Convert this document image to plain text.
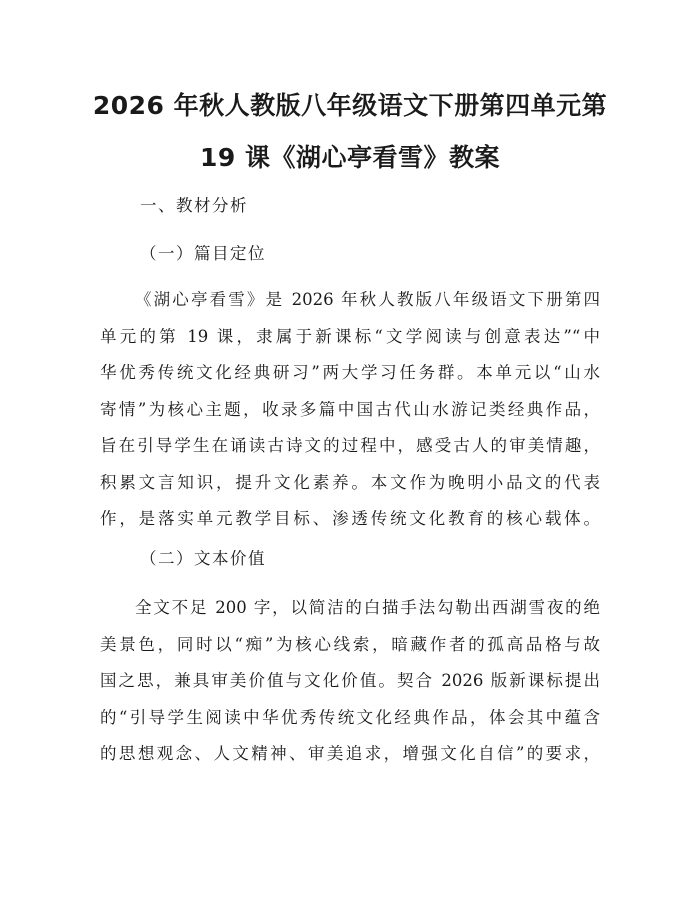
2026 年秋人教版八年级语文下册第四单元第
19 课《湖心亭看雪》教案
一、教材分析
（一）篇目定位
《湖心亭看雪》是 2026 年秋人教版八年级语文下册第四
单元的第 19 课，隶属于新课标“文学阅读与创意表达”“中
华优秀传统文化经典研习”两大学习任务群。本单元以“山水
寄情”为核心主题，收录多篇中国古代山水游记类经典作品，
旨在引导学生在诵读古诗文的过程中，感受古人的审美情趣，
积累文言知识，提升文化素养。本文作为晚明小品文的代表
作，是落实单元教学目标、渗透传统文化教育的核心载体。
（二）文本价值
全文不足 200 字，以简洁的白描手法勾勒出西湖雪夜的绝
美景色，同时以“痴”为核心线索，暗藏作者的孤高品格与故
国之思，兼具审美价值与文化价值。契合 2026 版新课标提出
的“引导学生阅读中华优秀传统文化经典作品，体会其中蕴含
的思想观念、人文精神、审美追求，增强文化自信”的要求，
